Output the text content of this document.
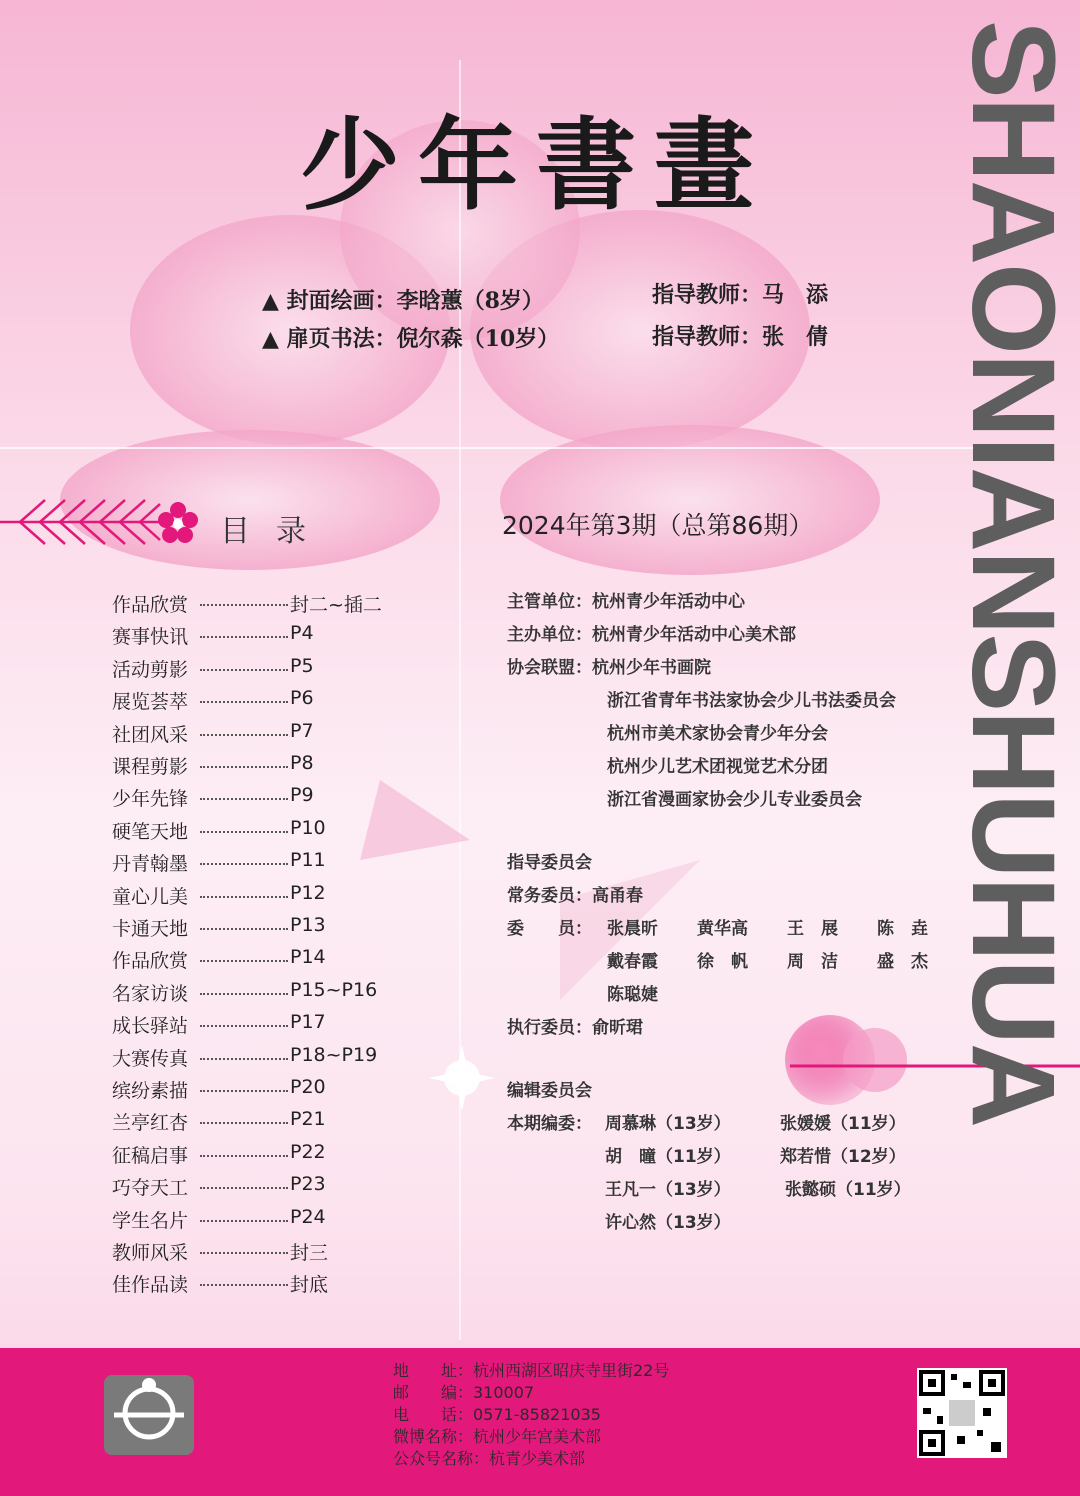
少年書畫 SHAONIANSHUHUA
▲ 封面绘画：李晗蕙（8岁）	指导教师：马　添
▲ 扉页书法：倪尔森（10岁）	指导教师：张　倩
目录	2024年第3期（总第86期）
作品欣赏	封二~插二
赛事快讯	P4
活动剪影	P5
展览荟萃	P6
社团风采	P7
课程剪影	P8
少年先锋	P9
硬笔天地	P10
丹青翰墨	P11
童心儿美	P12
卡通天地	P13
作品欣赏	P14
名家访谈	P15~P16
成长驿站	P17
大赛传真	P18~P19
缤纷素描	P20
兰亭红杏	P21
征稿启事	P22
巧夺天工	P23
学生名片	P24
教师风采	封三
佳作品读	封底
主管单位：杭州青少年活动中心
主办单位：杭州青少年活动中心美术部
协会联盟：杭州少年书画院
浙江省青年书法家协会少儿书法委员会
杭州市美术家协会青少年分会
杭州少儿艺术团视觉艺术分团
浙江省漫画家协会少儿专业委员会
指导委员会
常务委员：高甬春
委　　员： 张晨昕 黄华高 王　展 陈　垚
戴春霞 徐　帆 周　洁 盛　杰
陈聪婕
执行委员：俞昕珺
编辑委员会
本期编委： 周慕琳（13岁）	张媛媛（11岁）
胡　曈（11岁）	郑若惜（12岁）
王凡一（13岁）	张懿硕（11岁）
许心然（13岁）
地　　址：杭州西湖区昭庆寺里街22号
邮　　编：310007
电　　话：0571-85821035
微博名称：杭州少年宫美术部
公众号名称：杭青少美术部
